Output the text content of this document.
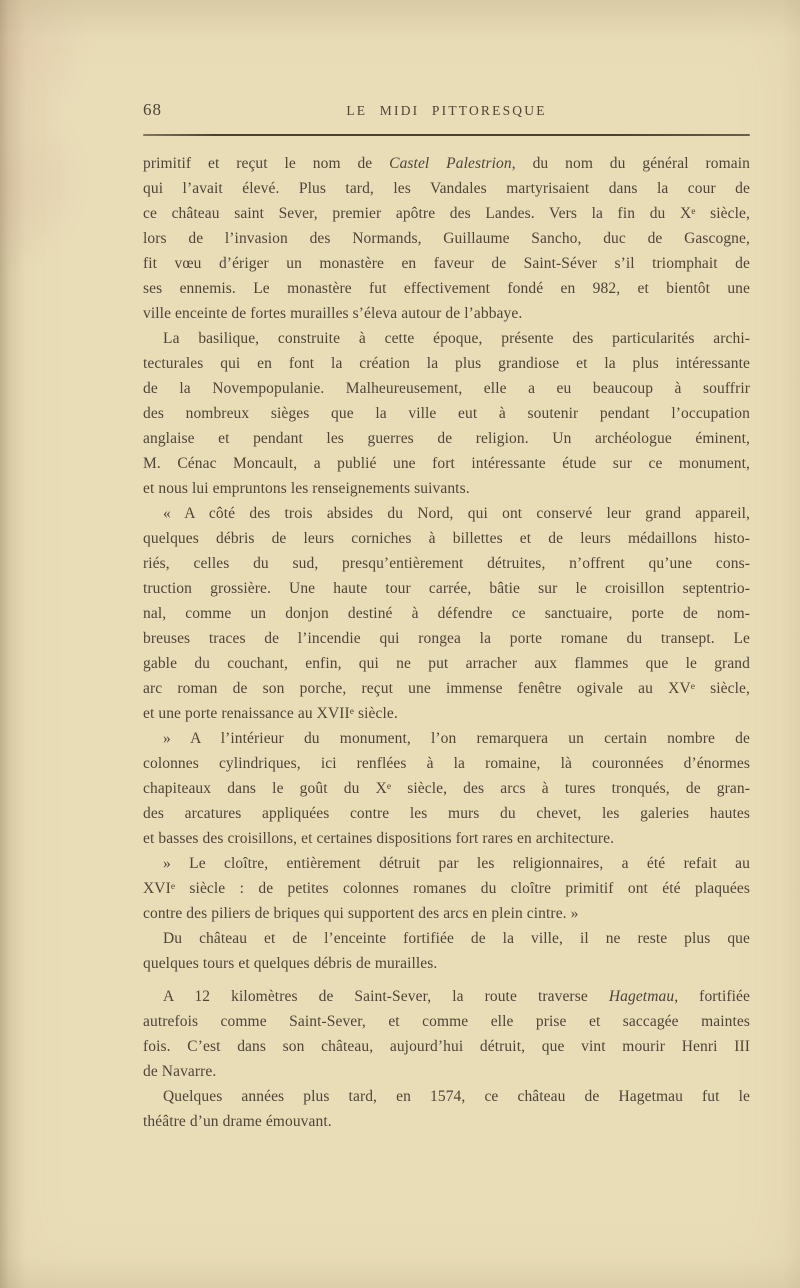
68	LE MIDI PITTORESQUE
primitif et reçut le nom de Castel Palestrion, du nom du général romain
qui l’avait élevé. Plus tard, les Vandales martyrisaient dans la cour de
ce château saint Sever, premier apôtre des Landes. Vers la fin du Xe siècle,
lors de l’invasion des Normands, Guillaume Sancho, duc de Gascogne,
fit vœu d’ériger un monastère en faveur de Saint-Séver s’il triomphait de
ses ennemis. Le monastère fut effectivement fondé en 982, et bientôt une
ville enceinte de fortes murailles s’éleva autour de l’abbaye.
La basilique, construite à cette époque, présente des particularités archi-
tecturales qui en font la création la plus grandiose et la plus intéressante
de la Novempopulanie. Malheureusement, elle a eu beaucoup à souffrir
des nombreux sièges que la ville eut à soutenir pendant l’occupation
anglaise et pendant les guerres de religion. Un archéologue éminent,
M. Cénac Moncault, a publié une fort intéressante étude sur ce monument,
et nous lui empruntons les renseignements suivants.
« A côté des trois absides du Nord, qui ont conservé leur grand appareil,
quelques débris de leurs corniches à billettes et de leurs médaillons histo-
riés, celles du sud, presqu’entièrement détruites, n’offrent qu’une cons-
truction grossière. Une haute tour carrée, bâtie sur le croisillon septentrio-
nal, comme un donjon destiné à défendre ce sanctuaire, porte de nom-
breuses traces de l’incendie qui rongea la porte romane du transept. Le
gable du couchant, enfin, qui ne put arracher aux flammes que le grand
arc roman de son porche, reçut une immense fenêtre ogivale au XVe siècle,
et une porte renaissance au XVIIe siècle.
» A l’intérieur du monument, l’on remarquera un certain nombre de
colonnes cylindriques, ici renflées à la romaine, là couronnées d’énormes
chapiteaux dans le goût du Xe siècle, des arcs à tures tronqués, de gran-
des arcatures appliquées contre les murs du chevet, les galeries hautes
et basses des croisillons, et certaines dispositions fort rares en architecture.
» Le cloître, entièrement détruit par les religionnaires, a été refait au
XVIe siècle : de petites colonnes romanes du cloître primitif ont été plaquées
contre des piliers de briques qui supportent des arcs en plein cintre. »
Du château et de l’enceinte fortifiée de la ville, il ne reste plus que
quelques tours et quelques débris de murailles.
A 12 kilomètres de Saint-Sever, la route traverse Hagetmau, fortifiée
autrefois comme Saint-Sever, et comme elle prise et saccagée maintes
fois. C’est dans son château, aujourd’hui détruit, que vint mourir Henri III
de Navarre.
Quelques années plus tard, en 1574, ce château de Hagetmau fut le
théâtre d’un drame émouvant.
